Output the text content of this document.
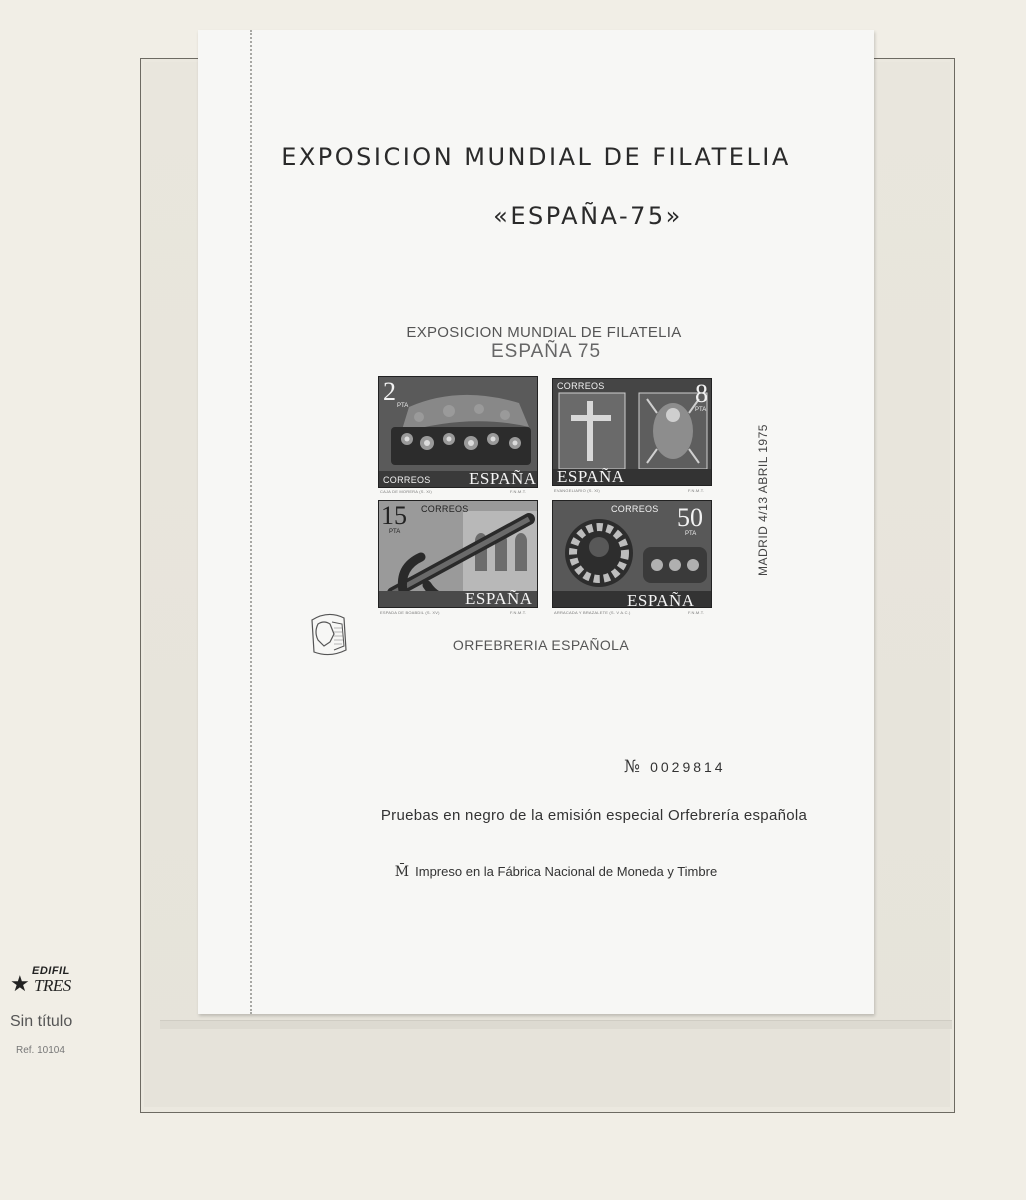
EXPOSICION MUNDIAL DE FILATELIA
«ESPAÑA-75»
EXPOSICION MUNDIAL DE FILATELIA
ESPAÑA 75
2 PTA
CORREOS ESPAÑA
CAJA DE MORERA (S. XI)	F.N.M.T.
CORREOS	8
PTA
ESPAÑA
EVANGELIARIO (S. XI)	F.N.M.T.
15
PTA
CORREOS
ESPAÑA
ESPADA DE BOABDIL (S. XV)	F.N.M.T.
CORREOS 50
PTA
ESPAÑA
ARRACADA Y BRAZALETE (S. V A.C.)	F.N.M.T.
MADRID 4/13 ABRIL 1975
ORFEBRERIA ESPAÑOLA
№ 0029814
Pruebas en negro de la emisión especial Orfebrería española
M̄ Impreso en la Fábrica Nacional de Moneda y Timbre
★ EDIFIL
TRES
Sin título
Ref. 10104
